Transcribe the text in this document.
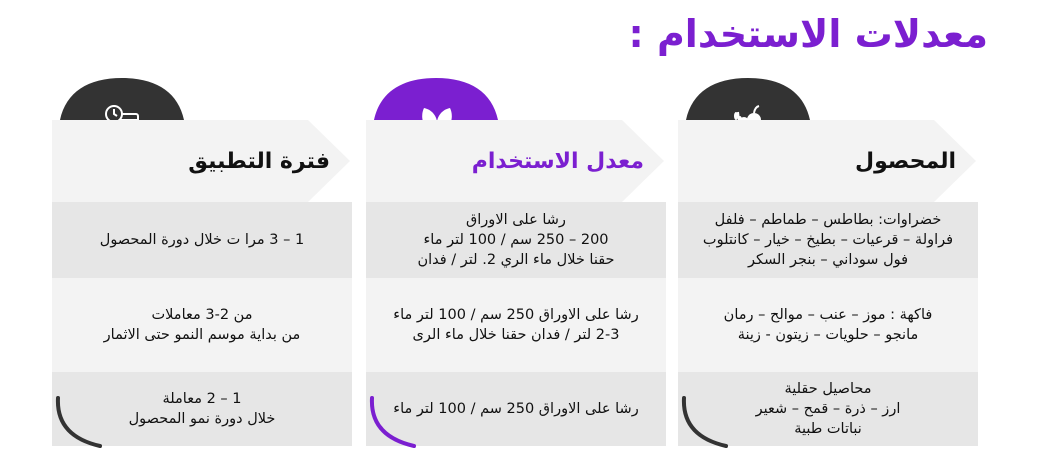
معدلات الاستخدام :
المحصول
خضراوات: بطاطس – طماطم – فلفل
فراولة – قرعيات – بطيخ – خيار – كانتلوب
فول سوداني – بنجر السكر
فاكهة : موز – عنب – موالح – رمان
مانجو – حلويات – زيتون - زينة
محاصيل حقلية
ارز – ذرة – قمح – شعير
نباتات طبية
معدل الاستخدام
رشا على الاوراق
200 – 250 سم / 100 لتر ماء
حقنا خلال ماء الري 2. لتر / فدان
رشا على الاوراق 250 سم / 100 لتر ماء
2-3 لتر / فدان حقنا خلال ماء الرى
رشا على الاوراق 250 سم / 100 لتر ماء
فترة التطبيق
1 – 3 مرا ت خلال دورة المحصول
من 2-3 معاملات
من بداية موسم النمو حتى الاثمار
1 – 2 معاملة
خلال دورة نمو المحصول
